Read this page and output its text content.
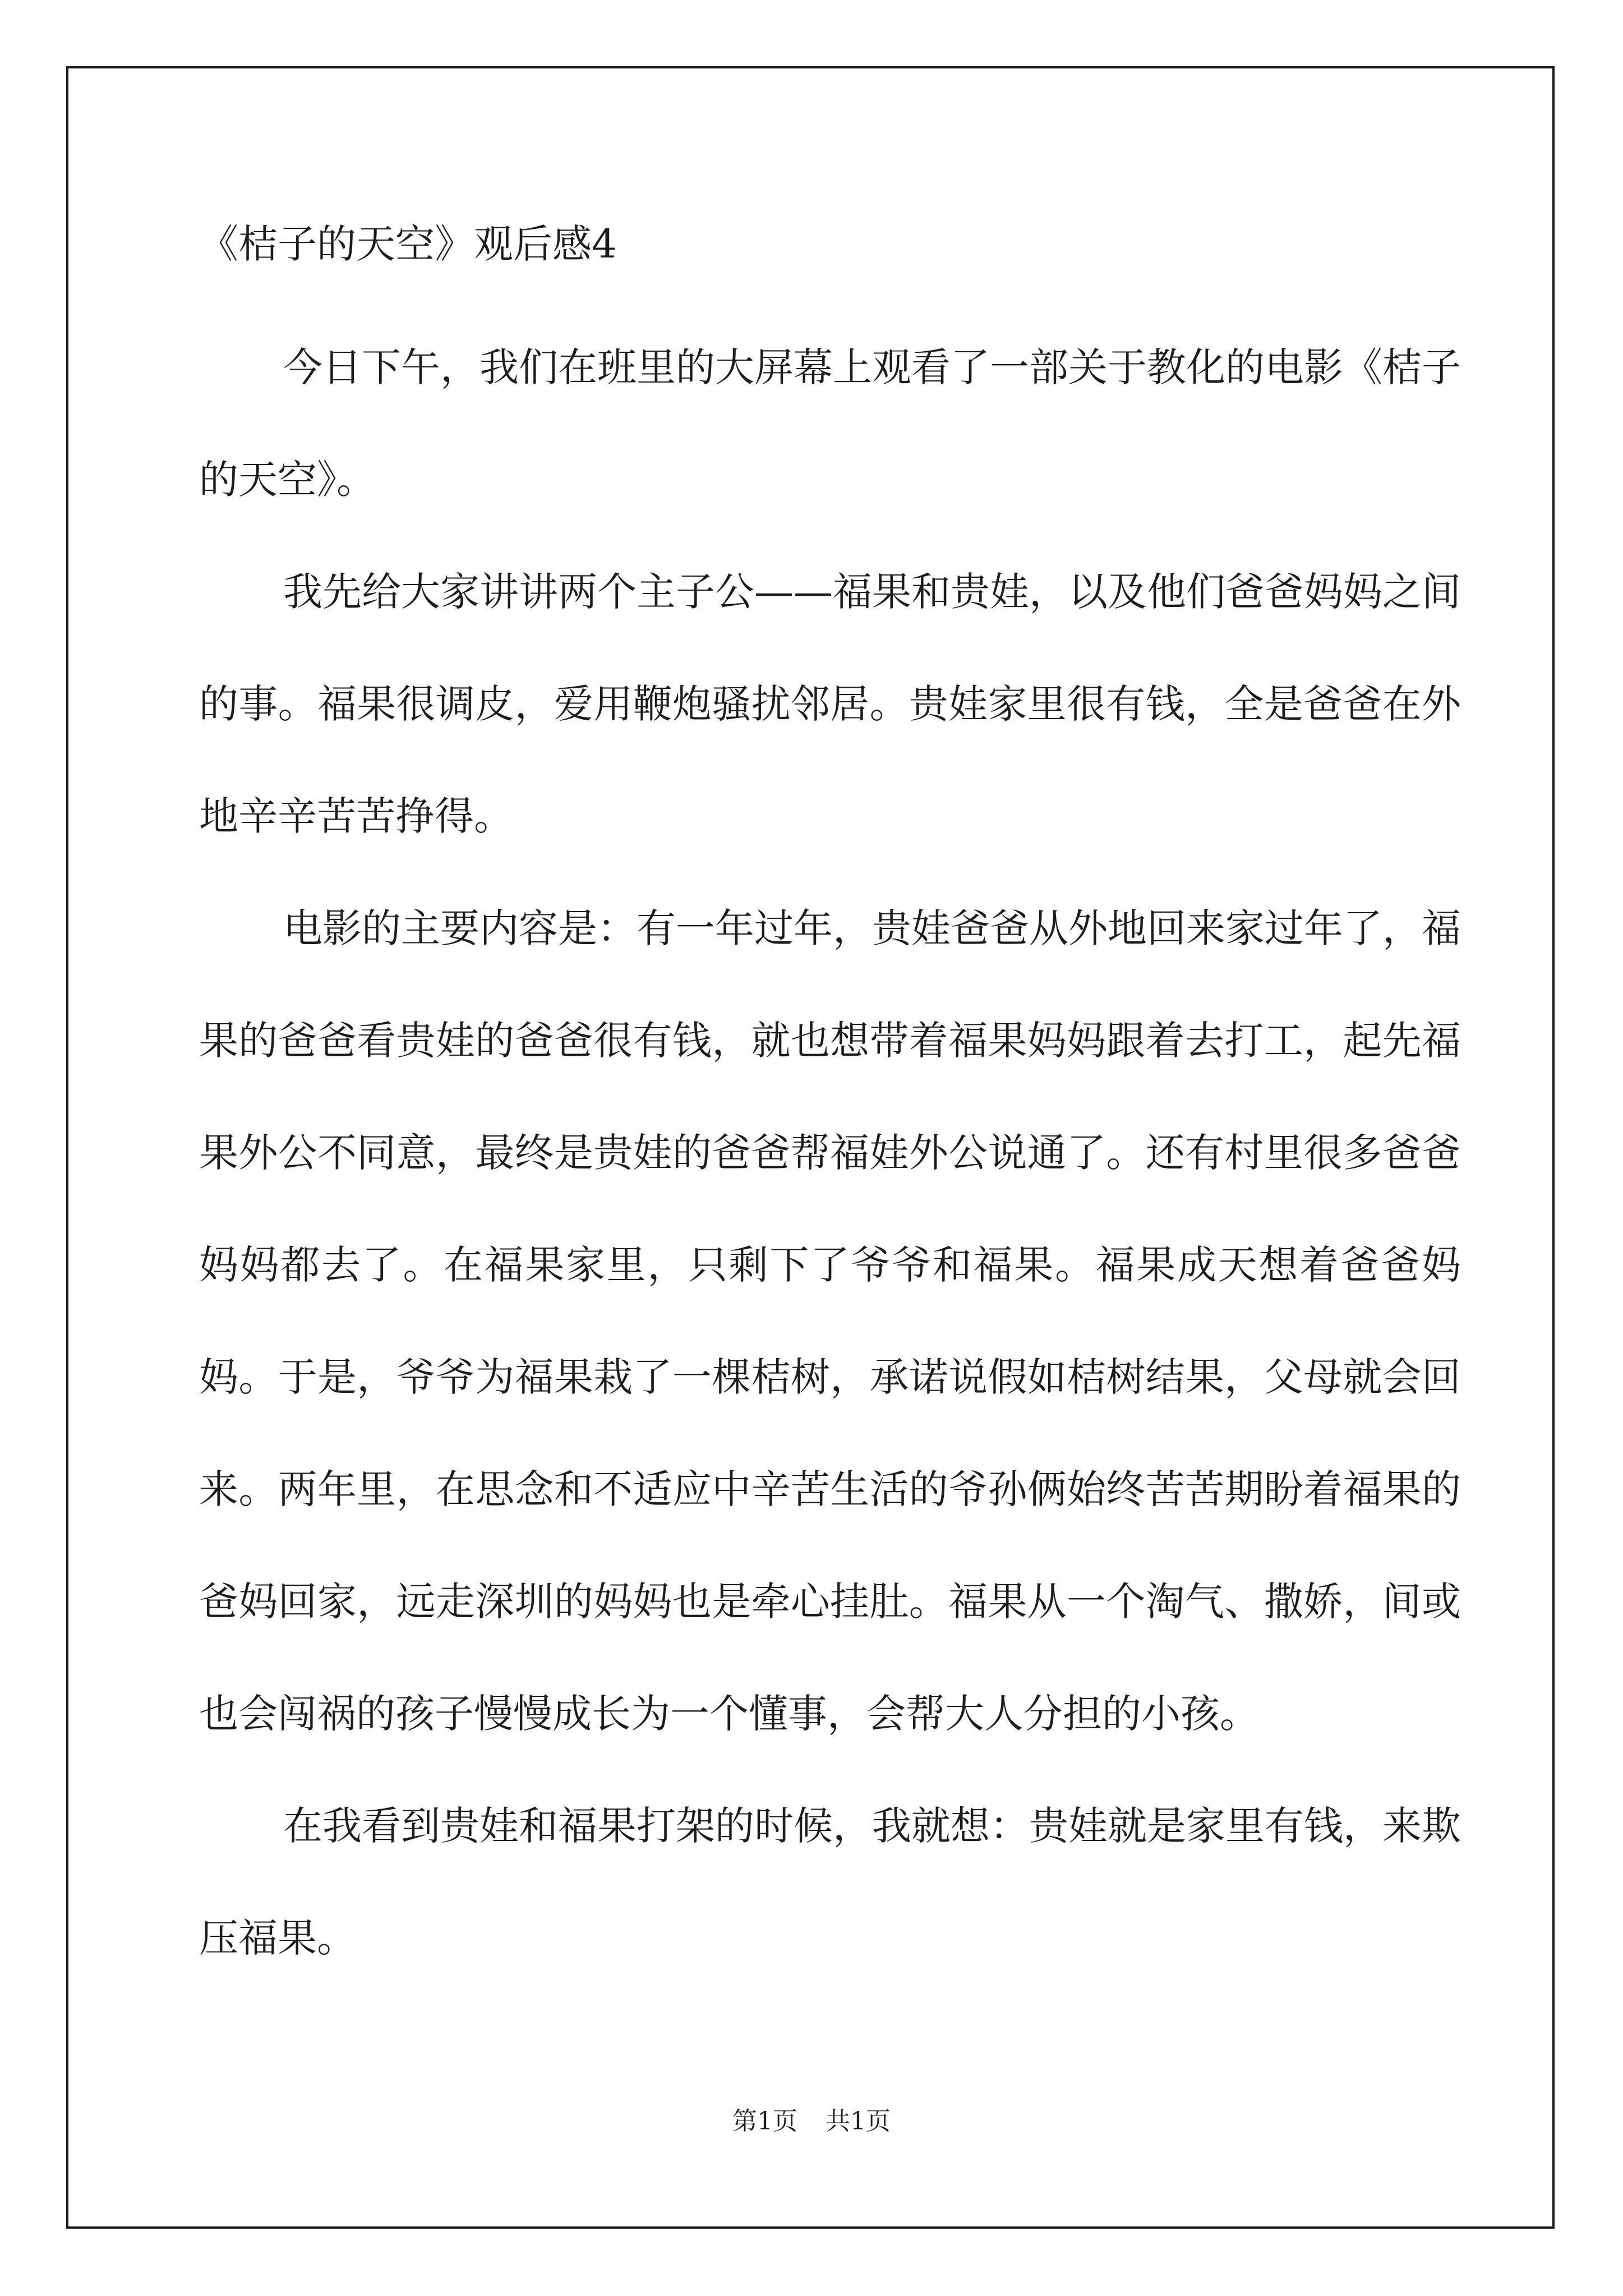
《桔子的天空》观后感4

今日下午，我们在班里的大屏幕上观看了一部关于教化的电影《桔子的天空》。

我先给大家讲讲两个主子公——福果和贵娃，以及他们爸爸妈妈之间的事。福果很调皮，爱用鞭炮骚扰邻居。贵娃家里很有钱，全是爸爸在外地辛辛苦苦挣得。

电影的主要内容是：有一年过年，贵娃爸爸从外地回来家过年了，福果的爸爸看贵娃的爸爸很有钱，就也想带着福果妈妈跟着去打工，起先福果外公不同意，最终是贵娃的爸爸帮福娃外公说通了。还有村里很多爸爸妈妈都去了。在福果家里，只剩下了爷爷和福果。福果成天想着爸爸妈妈。于是，爷爷为福果栽了一棵桔树，承诺说假如桔树结果，父母就会回来。两年里，在思念和不适应中辛苦生活的爷孙俩始终苦苦期盼着福果的爸妈回家，远走深圳的妈妈也是牵心挂肚。福果从一个淘气、撒娇，间或也会闯祸的孩子慢慢成长为一个懂事，会帮大人分担的小孩。

在我看到贵娃和福果打架的时候，我就想：贵娃就是家里有钱，来欺压福果。

第1页 共1页
